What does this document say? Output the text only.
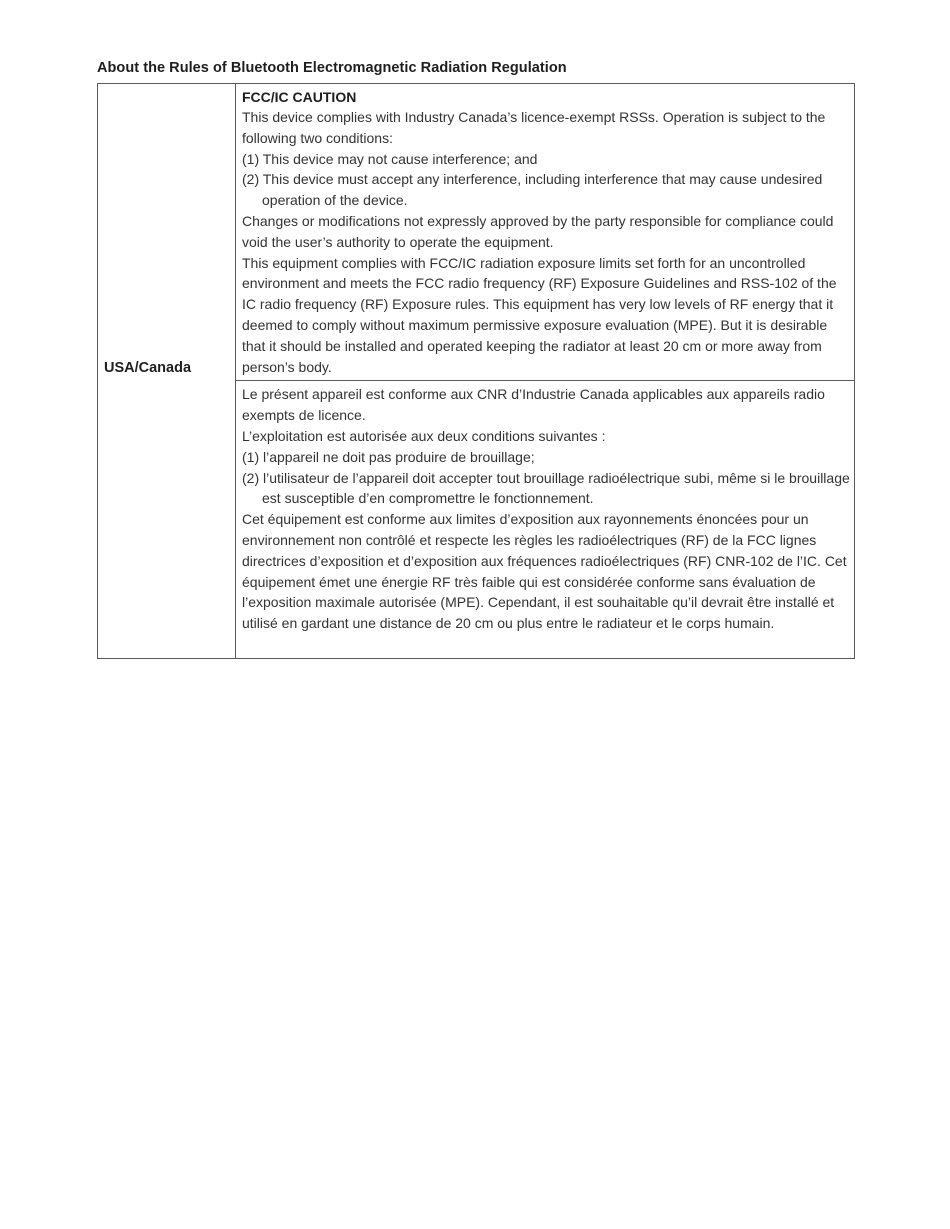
About the Rules of Bluetooth Electromagnetic Radiation Regulation
USA/Canada

FCC/IC CAUTION

This device complies with Industry Canada’s licence-exempt RSSs. Operation is subject to the following two conditions:

(1) This device may not cause interference; and

(2) This device must accept any interference, including interference that may cause undesired operation of the device.

Changes or modifications not expressly approved by the party responsible for compliance could void the user’s authority to operate the equipment.

This equipment complies with FCC/IC radiation exposure limits set forth for an uncontrolled environment and meets the FCC radio frequency (RF) Exposure Guidelines and RSS-102 of the IC radio frequency (RF) Exposure rules. This equipment has very low levels of RF energy that it deemed to comply without maximum permissive exposure evaluation (MPE). But it is desirable that it should be installed and operated keeping the radiator at least 20 cm or more away from person’s body.

Le présent appareil est conforme aux CNR d’Industrie Canada applicables aux appareils radio exempts de licence.

L’exploitation est autorisée aux deux conditions suivantes :

(1) l’appareil ne doit pas produire de brouillage;

(2) l’utilisateur de l’appareil doit accepter tout brouillage radioélectrique subi, même si le brouillage est susceptible d’en compromettre le fonctionnement.

Cet équipement est conforme aux limites d’exposition aux rayonnements énoncées pour un environnement non contrôlé et respecte les règles les radioélectriques (RF) de la FCC lignes directrices d’exposition et d’exposition aux fréquences radioélectriques (RF) CNR-102 de l’IC. Cet équipement émet une énergie RF très faible qui est considérée conforme sans évaluation de l’exposition maximale autorisée (MPE). Cependant, il est souhaitable qu’il devrait être installé et utilisé en gardant une distance de 20 cm ou plus entre le radiateur et le corps humain.
